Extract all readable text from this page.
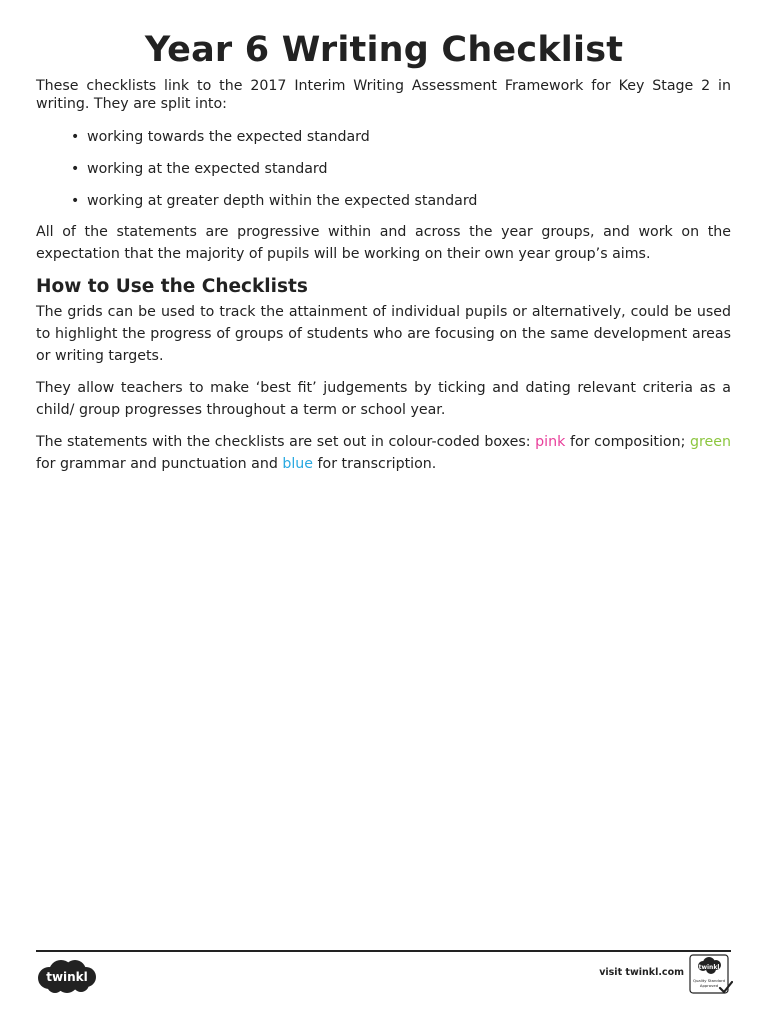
Year 6 Writing Checklist

These checklists link to the 2017 Interim Writing Assessment Framework for Key Stage 2 in writing. They are split into:

• working towards the expected standard
• working at the expected standard
• working at greater depth within the expected standard

All of the statements are progressive within and across the year groups, and work on the expectation that the majority of pupils will be working on their own year group’s aims.

How to Use the Checklists

The grids can be used to track the attainment of individual pupils or alternatively, could be used to highlight the progress of groups of students who are focusing on the same development areas or writing targets.

They allow teachers to make ‘best fit’ judgements by ticking and dating relevant criteria as a child/ group progresses throughout a term or school year.

The statements with the checklists are set out in colour-coded boxes: pink for composition; green for grammar and punctuation and blue for transcription.

twinkl	visit twinkl.com twinkl
Quality Standard
Approved
